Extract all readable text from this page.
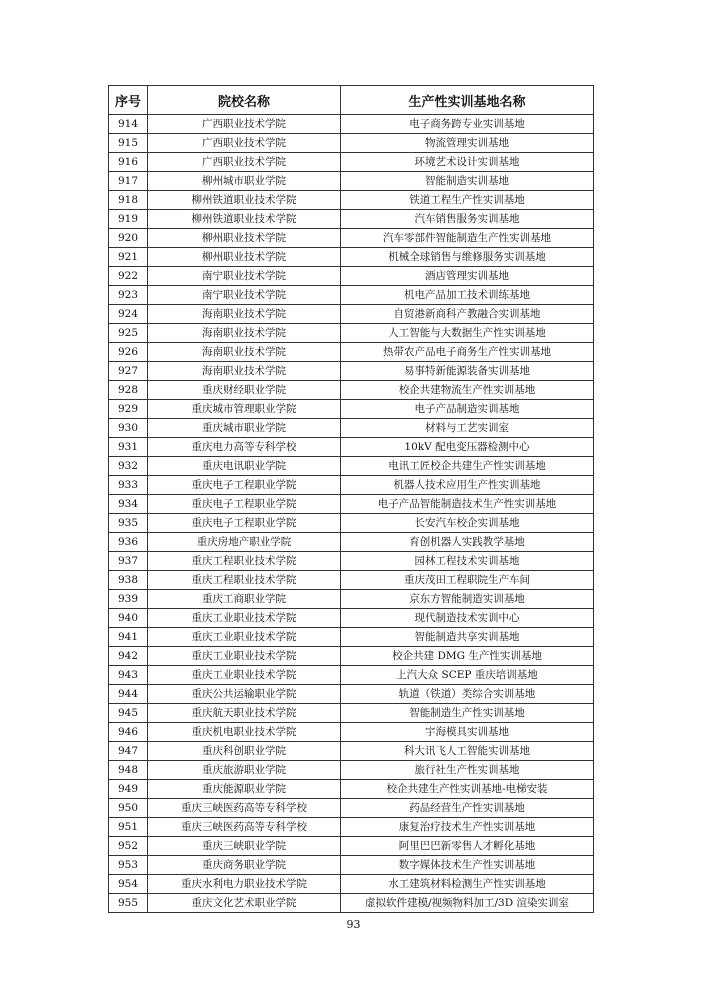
序号	院校名称	生产性实训基地名称
914	广西职业技术学院	电子商务跨专业实训基地
915	广西职业技术学院	物流管理实训基地
916	广西职业技术学院	环境艺术设计实训基地
917	柳州城市职业学院	智能制造实训基地
918	柳州铁道职业技术学院	铁道工程生产性实训基地
919	柳州铁道职业技术学院	汽车销售服务实训基地
920	柳州职业技术学院	汽车零部件智能制造生产性实训基地
921	柳州职业技术学院	机械全球销售与维修服务实训基地
922	南宁职业技术学院	酒店管理实训基地
923	南宁职业技术学院	机电产品加工技术训练基地
924	海南职业技术学院	自贸港新商科产教融合实训基地
925	海南职业技术学院	人工智能与大数据生产性实训基地
926	海南职业技术学院	热带农产品电子商务生产性实训基地
927	海南职业技术学院	易事特新能源装备实训基地
928	重庆财经职业学院	校企共建物流生产性实训基地
929	重庆城市管理职业学院	电子产品制造实训基地
930	重庆城市职业学院	材料与工艺实训室
931	重庆电力高等专科学校	10kV 配电变压器检测中心
932	重庆电讯职业学院	电讯工匠校企共建生产性实训基地
933	重庆电子工程职业学院	机器人技术应用生产性实训基地
934	重庆电子工程职业学院	电子产品智能制造技术生产性实训基地
935	重庆电子工程职业学院	长安汽车校企实训基地
936	重庆房地产职业学院	育创机器人实践教学基地
937	重庆工程职业技术学院	园林工程技术实训基地
938	重庆工程职业技术学院	重庆茂田工程职院生产车间
939	重庆工商职业学院	京东方智能制造实训基地
940	重庆工业职业技术学院	现代制造技术实训中心
941	重庆工业职业技术学院	智能制造共享实训基地
942	重庆工业职业技术学院	校企共建 DMG 生产性实训基地
943	重庆工业职业技术学院	上汽大众 SCEP 重庆培训基地
944	重庆公共运输职业学院	轨道（铁道）类综合实训基地
945	重庆航天职业技术学院	智能制造生产性实训基地
946	重庆机电职业技术学院	宇海模具实训基地
947	重庆科创职业学院	科大讯飞人工智能实训基地
948	重庆旅游职业学院	旅行社生产性实训基地
949	重庆能源职业学院	校企共建生产性实训基地-电梯安装
950	重庆三峡医药高等专科学校	药品经营生产性实训基地
951	重庆三峡医药高等专科学校	康复治疗技术生产性实训基地
952	重庆三峡职业学院	阿里巴巴新零售人才孵化基地
953	重庆商务职业学院	数字媒体技术生产性实训基地
954	重庆水利电力职业技术学院	水工建筑材料检测生产性实训基地
955	重庆文化艺术职业学院	虚拟软件建模/视频物料加工/3D 渲染实训室
93
